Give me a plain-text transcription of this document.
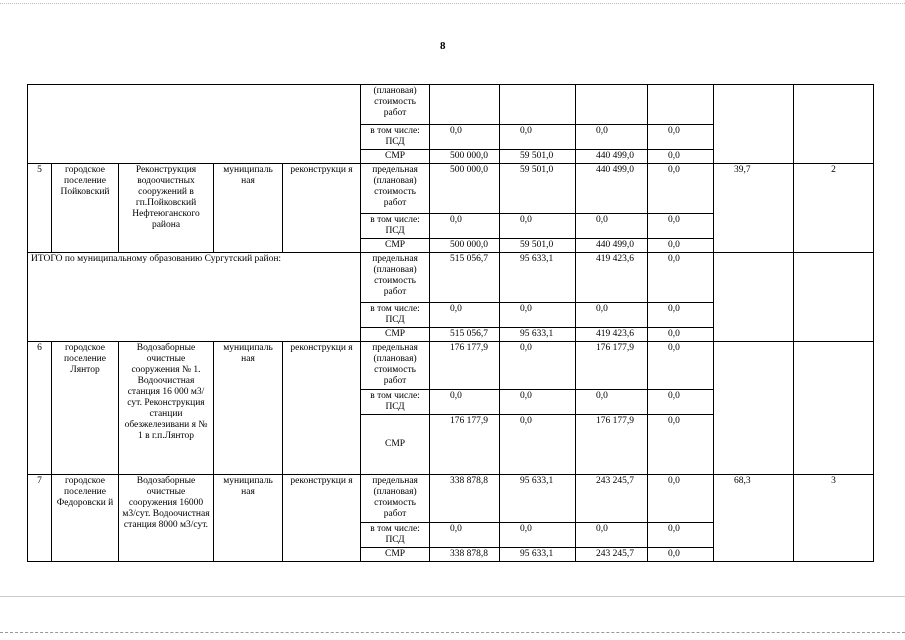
8
					(плановая) стоимость работ						
					в том числе: ПСД	0,0	0,0	0,0	0,0		
					СМР	500 000,0	59 501,0	440 499,0	0,0		
5	городское поселение Пойковский	Реконструкция водоочистных сооружений в гп.Пойковский Нефтеюганского района	муниципаль ная	реконструкци я	предельная (плановая) стоимость работ	500 000,0	59 501,0	440 499,0	0,0	39,7	2
					в том числе: ПСД	0,0	0,0	0,0	0,0		
					СМР	500 000,0	59 501,0	440 499,0	0,0		
ИТОГО по муниципальному образованию Сургутский район:					предельная (плановая) стоимость работ	515 056,7	95 633,1	419 423,6	0,0		
					в том числе: ПСД	0,0	0,0	0,0	0,0		
					СМР	515 056,7	95 633,1	419 423,6	0,0		
6	городское поселение Лянтор	Водозаборные очистные сооружения № 1. Водоочистная станция 16 000 м3/сут. Реконструкция станции обезжелезивани я № 1 в г.п.Лянтор	муниципаль ная	реконструкци я	предельная (плановая) стоимость работ	176 177,9	0,0	176 177,9	0,0		
					в том числе: ПСД	0,0	0,0	0,0	0,0		
					СМР	176 177,9	0,0	176 177,9	0,0		
7	городское поселение Федоровски й	Водозаборные очистные сооружения 16000 м3/сут. Водоочистная станция 8000 м3/сут.	муниципаль ная	реконструкци я	предельная (плановая) стоимость работ	338 878,8	95 633,1	243 245,7	0,0	68,3	3
					в том числе: ПСД	0,0	0,0	0,0	0,0		
					СМР	338 878,8	95 633,1	243 245,7	0,0		
